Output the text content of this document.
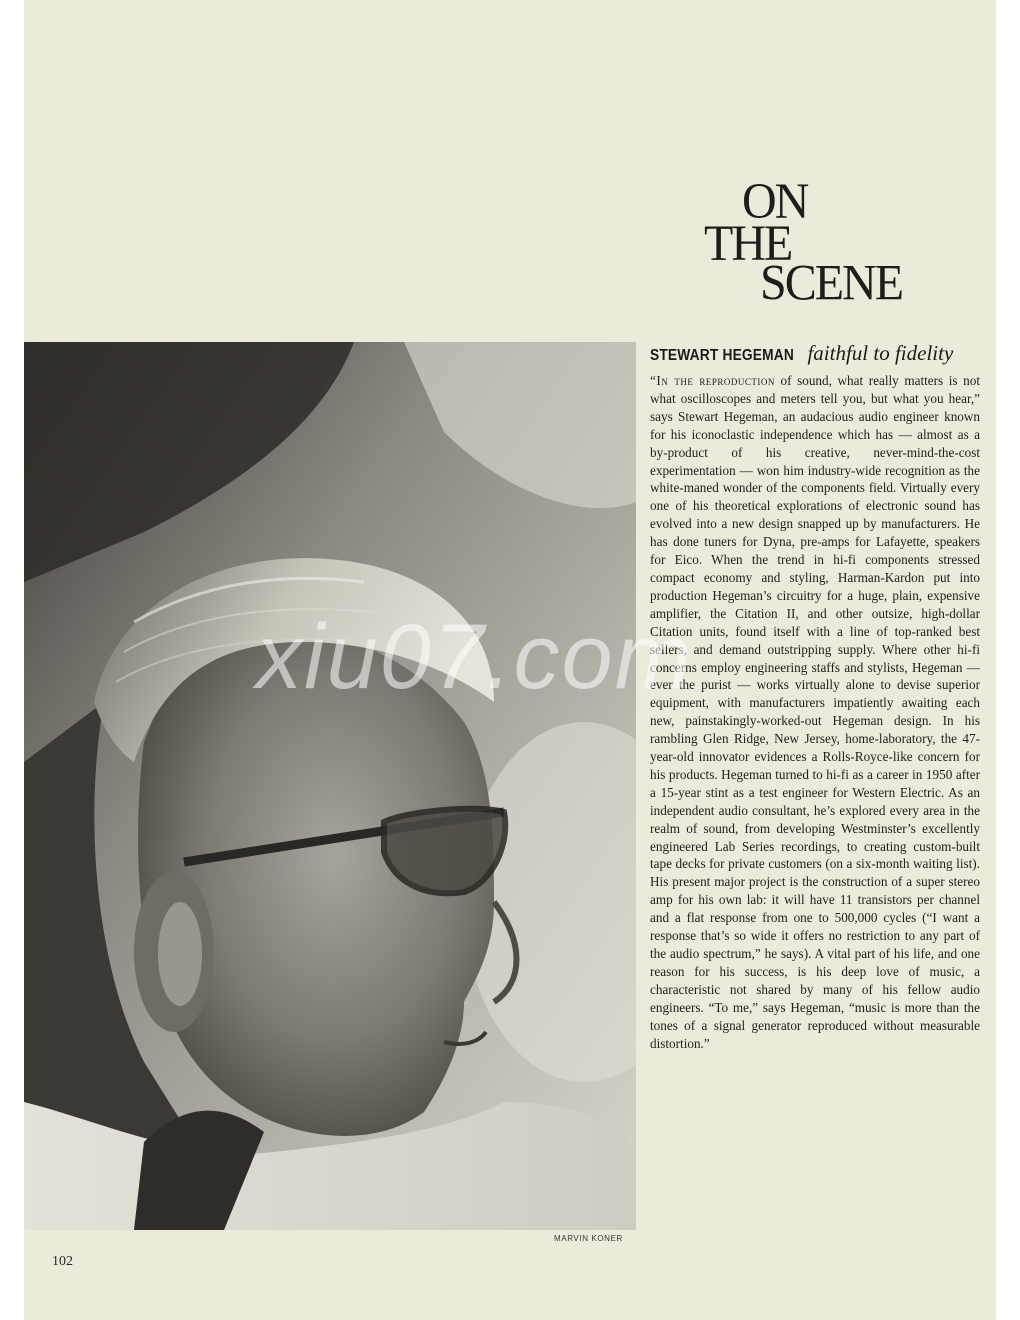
ON
THE
SCENE
MARVIN KONER
STEWART HEGEMAN faithful to fidelity

“In the reproduction of sound, what really matters is not what oscilloscopes and meters tell you, but what you hear,” says Stewart Hegeman, an audacious audio engineer known for his iconoclastic independence which has — almost as a by-product of his creative, never-mind-the-cost experimentation — won him industry-wide recognition as the white-maned wonder of the components field. Virtually every one of his theoretical explorations of electronic sound has evolved into a new design snapped up by manufacturers. He has done tuners for Dyna, pre-amps for Lafayette, speakers for Eico. When the trend in hi-fi components stressed compact economy and styling, Harman-Kardon put into production Hegeman’s circuitry for a huge, plain, expensive amplifier, the Citation II, and other outsize, high-dollar Citation units, found itself with a line of top-ranked best sellers, and demand outstripping supply. Where other hi-fi concerns employ engineering staffs and stylists, Hegeman — ever the purist — works virtually alone to devise superior equipment, with manufacturers impatiently awaiting each new, painstakingly-worked-out Hegeman design. In his rambling Glen Ridge, New Jersey, home-laboratory, the 47-year-old innovator evidences a Rolls-Royce-like concern for his products. Hegeman turned to hi-fi as a career in 1950 after a 15-year stint as a test engineer for Western Electric. As an independent audio consultant, he’s explored every area in the realm of sound, from developing Westminster’s excellently engineered Lab Series recordings, to creating custom-built tape decks for private customers (on a six-month waiting list). His present major project is the construction of a super stereo amp for his own lab: it will have 11 transistors per channel and a flat response from one to 500,000 cycles (“I want a response that’s so wide it offers no restriction to any part of the audio spectrum,” he says). A vital part of his life, and one reason for his success, is his deep love of music, a characteristic not shared by many of his fellow audio engineers. “To me,” says Hegeman, “music is more than the tones of a signal generator reproduced without measurable distortion.”

102
xiu07.com
